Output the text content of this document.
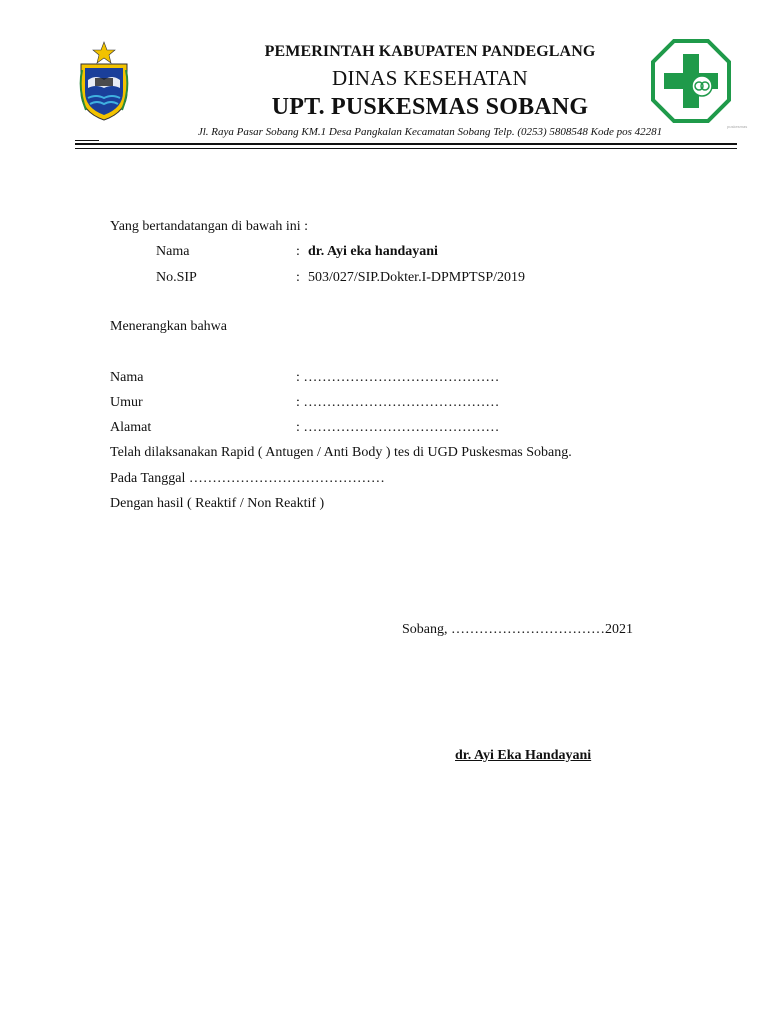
PEMERINTAH KABUPATEN PANDEGLANG
DINAS KESEHATAN
UPT. PUSKESMAS SOBANG
Jl. Raya Pasar Sobang KM.1 Desa Pangkalan Kecamatan Sobang Telp. (0253) 5808548 Kode pos 42281	puskesmas
Yang bertandatangan di bawah ini :
Nama	: dr. Ayi eka handayani
No.SIP	: 503/027/SIP.Dokter.I-DPMPTSP/2019
Menerangkan bahwa
Nama	: ……………………………………
Umur	: ……………………………………
Alamat	: ……………………………………
Telah dilaksanakan Rapid ( Antugen / Anti Body ) tes di UGD Puskesmas Sobang.
Pada Tanggal ……………………………………
Dengan hasil ( Reaktif / Non Reaktif )
Sobang, ……………………………2021
dr. Ayi Eka Handayani
